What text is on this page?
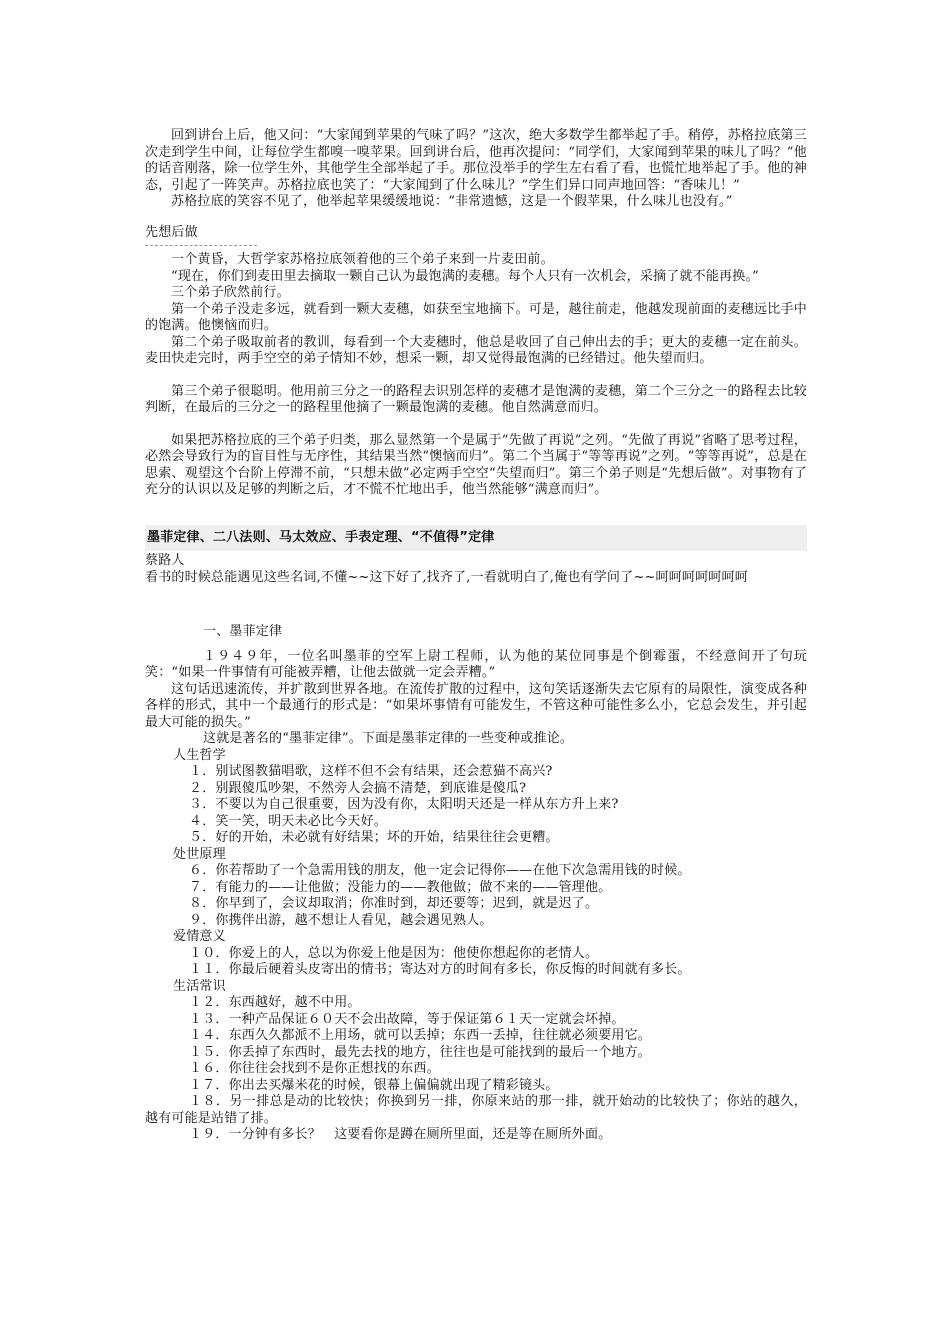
回到讲台上后，他又问：“大家闻到苹果的气味了吗？”这次，绝大多数学生都举起了手。稍停，苏格拉底第三次走到学生中间，让每位学生都嗅一嗅苹果。回到讲台后，他再次提问：“同学们，大家闻到苹果的味儿了吗？”他的话音刚落，除一位学生外，其他学生全部举起了手。那位没举手的学生左右看了看，也慌忙地举起了手。他的神态，引起了一阵笑声。苏格拉底也笑了：“大家闻到了什么味儿？”学生们异口同声地回答：“香味儿！”

苏格拉底的笑容不见了，他举起苹果缓缓地说：“非常遗憾，这是一个假苹果，什么味儿也没有。”

先想后做

一个黄昏，大哲学家苏格拉底领着他的三个弟子来到一片麦田前。

“现在，你们到麦田里去摘取一颗自己认为最饱满的麦穗。每个人只有一次机会，采摘了就不能再换。”

三个弟子欣然前行。

第一个弟子没走多远，就看到一颗大麦穗，如获至宝地摘下。可是，越往前走，他越发现前面的麦穗远比手中的饱满。他懊恼而归。

第二个弟子吸取前者的教训，每看到一个大麦穗时，他总是收回了自己伸出去的手；更大的麦穗一定在前头。麦田快走完时，两手空空的弟子情知不妙，想采一颗，却又觉得最饱满的已经错过。他失望而归。

第三个弟子很聪明。他用前三分之一的路程去识别怎样的麦穗才是饱满的麦穗，第二个三分之一的路程去比较判断，在最后的三分之一的路程里他摘了一颗最饱满的麦穗。他自然满意而归。

如果把苏格拉底的三个弟子归类，那么显然第一个是属于“先做了再说”之列。“先做了再说”省略了思考过程，必然会导致行为的盲目性与无序性，其结果当然“懊恼而归”。第二个当属于“等等再说”之列。“等等再说”，总是在思索、观望这个台阶上停滞不前，“只想未做”必定两手空空“失望而归”。第三个弟子则是“先想后做”。对事物有了充分的认识以及足够的判断之后，才不慌不忙地出手，他当然能够“满意而归”。

墨菲定律、二八法则、马太效应、手表定理、“不值得”定律

蔡路人

看书的时候总能遇见这些名词,不懂~~这下好了,找齐了,一看就明白了,俺也有学问了~~呵呵呵呵呵呵呵

一、墨菲定律

１９４９年，一位名叫墨菲的空军上尉工程师，认为他的某位同事是个倒霉蛋，不经意间开了句玩笑：“如果一件事情有可能被弄糟，让他去做就一定会弄糟。”

这句话迅速流传，并扩散到世界各地。在流传扩散的过程中，这句笑话逐渐失去它原有的局限性，演变成各种各样的形式，其中一个最通行的形式是：“如果坏事情有可能发生，不管这种可能性多么小，它总会发生，并引起最大可能的损失。”

这就是著名的“墨菲定律”。下面是墨菲定律的一些变种或推论。

人生哲学

１．别试图教猫唱歌，这样不但不会有结果，还会惹猫不高兴?

２．别跟傻瓜吵架，不然旁人会搞不清楚，到底谁是傻瓜?

３．不要以为自己很重要，因为没有你，太阳明天还是一样从东方升上来?

４．笑一笑，明天未必比今天好。

５．好的开始，未必就有好结果；坏的开始，结果往往会更糟。

处世原理

６．你若帮助了一个急需用钱的朋友，他一定会记得你——在他下次急需用钱的时候。

７．有能力的——让他做；没能力的——教他做；做不来的——管理他。

８．你早到了，会议却取消；你准时到，却还要等；迟到，就是迟了。

９．你携伴出游，越不想让人看见，越会遇见熟人。

爱情意义

１０．你爱上的人，总以为你爱上他是因为：他使你想起你的老情人。

１１．你最后硬着头皮寄出的情书；寄达对方的时间有多长，你反悔的时间就有多长。

生活常识

１２．东西越好，越不中用。

１３．一种产品保证６０天不会出故障，等于保证第６１天一定就会坏掉。

１４．东西久久都派不上用场，就可以丢掉；东西一丢掉，往往就必须要用它。

１５．你丢掉了东西时，最先去找的地方，往往也是可能找到的最后一个地方。

１６．你往往会找到不是你正想找的东西。

１７．你出去买爆米花的时候，银幕上偏偏就出现了精彩镜头。

１８．另一排总是动的比较快；你换到另一排，你原来站的那一排，就开始动的比较快了；你站的越久，越有可能是站错了排。

１９．一分钟有多长？　这要看你是蹲在厕所里面，还是等在厕所外面。
